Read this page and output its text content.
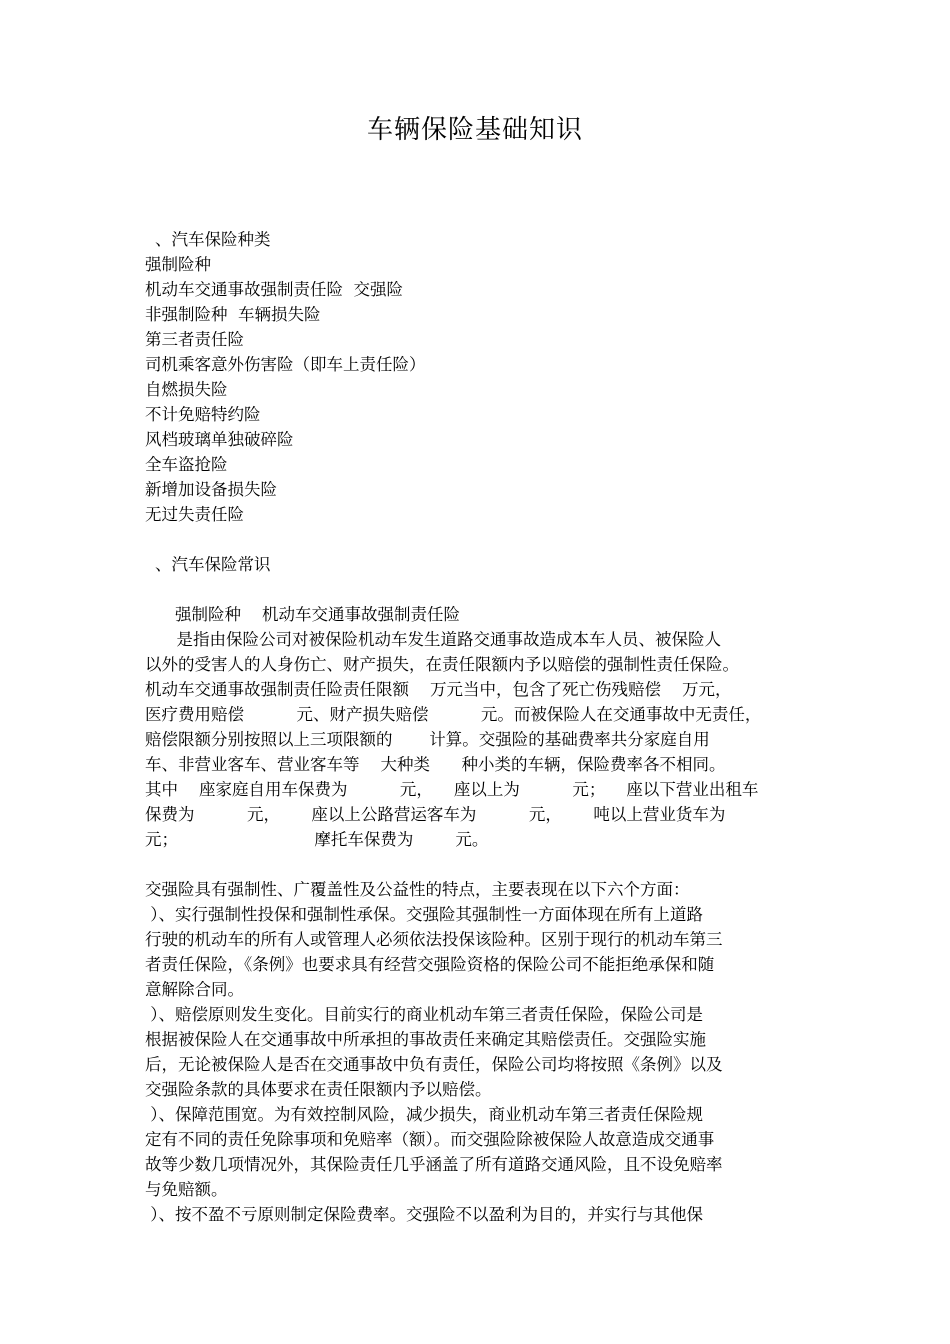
车辆保险基础知识
、汽车保险种类
强制险种
机动车交通事故强制责任险  交强险
非强制险种  车辆损失险
第三者责任险
司机乘客意外伤害险（即车上责任险）
自燃损失险
不计免赔特约险
风档玻璃单独破碎险
全车盗抢险
新增加设备损失险
无过失责任险
、汽车保险常识
强制险种    机动车交通事故强制责任险
是指由保险公司对被保险机动车发生道路交通事故造成本车人员、被保险人
以外的受害人的人身伤亡、财产损失，在责任限额内予以赔偿的强制性责任保险。
机动车交通事故强制责任险责任限额    万元当中，包含了死亡伤残赔偿    万元，
医疗费用赔偿          元、财产损失赔偿          元。而被保险人在交通事故中无责任，
赔偿限额分别按照以上三项限额的       计算。交强险的基础费率共分家庭自用
车、非营业客车、营业客车等    大种类      种小类的车辆，保险费率各不相同。
其中    座家庭自用车保费为          元，    座以上为          元；    座以下营业出租车
保费为          元，      座以上公路营运客车为          元，      吨以上营业货车为
元；                          摩托车保费为        元。
交强险具有强制性、广覆盖性及公益性的特点，主要表现在以下六个方面：
）、实行强制性投保和强制性承保。交强险其强制性一方面体现在所有上道路
行驶的机动车的所有人或管理人必须依法投保该险种。区别于现行的机动车第三
者责任保险，《条例》也要求具有经营交强险资格的保险公司不能拒绝承保和随
意解除合同。
）、赔偿原则发生变化。目前实行的商业机动车第三者责任保险，保险公司是
根据被保险人在交通事故中所承担的事故责任来确定其赔偿责任。交强险实施
后，无论被保险人是否在交通事故中负有责任，保险公司均将按照《条例》以及
交强险条款的具体要求在责任限额内予以赔偿。
）、保障范围宽。为有效控制风险，减少损失，商业机动车第三者责任保险规
定有不同的责任免除事项和免赔率（额）。而交强险除被保险人故意造成交通事
故等少数几项情况外，其保险责任几乎涵盖了所有道路交通风险，且不设免赔率
与免赔额。
）、按不盈不亏原则制定保险费率。交强险不以盈利为目的，并实行与其他保
